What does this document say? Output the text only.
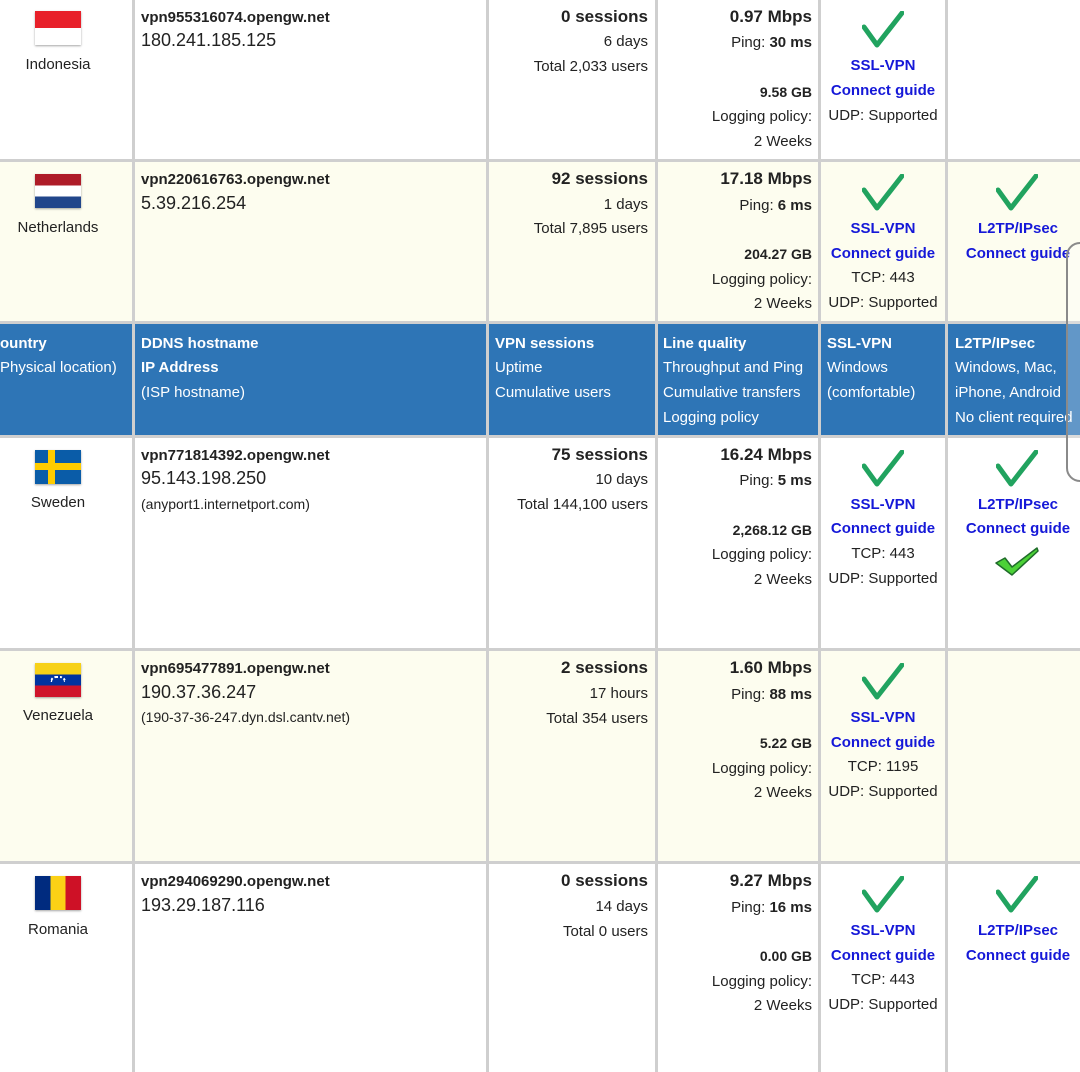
ountry
Physical location)
DDNS hostname
IP Address
(ISP hostname)
VPN sessions
Uptime
Cumulative users
Line quality
Throughput and Ping
Cumulative transfers
Logging policy
SSL-VPN
Windows
(comfortable)
L2TP/IPsec
Windows, Mac,
iPhone, Android
No client required
Indonesia
vpn955316074.opengw.net
180.241.185.125
0 sessions
6 days
Total 2,033 users
0.97 Mbps
Ping: 30 ms
9.58 GB
Logging policy:
2 Weeks
SSL-VPN
Connect guide
UDP: Supported
Netherlands
vpn220616763.opengw.net
5.39.216.254
92 sessions
1 days
Total 7,895 users
17.18 Mbps
Ping: 6 ms
204.27 GB
Logging policy:
2 Weeks
SSL-VPN
Connect guide
TCP: 443
UDP: Supported
L2TP/IPsec
Connect guide
Sweden
vpn771814392.opengw.net
95.143.198.250
(anyport1.internetport.com)
75 sessions
10 days
Total 144,100 users
16.24 Mbps
Ping: 5 ms
2,268.12 GB
Logging policy:
2 Weeks
SSL-VPN
Connect guide
TCP: 443
UDP: Supported
L2TP/IPsec
Connect guide
Venezuela
vpn695477891.opengw.net
190.37.36.247
(190-37-36-247.dyn.dsl.cantv.net)
2 sessions
17 hours
Total 354 users
1.60 Mbps
Ping: 88 ms
5.22 GB
Logging policy:
2 Weeks
SSL-VPN
Connect guide
TCP: 1195
UDP: Supported
Romania
vpn294069290.opengw.net
193.29.187.116
0 sessions
14 days
Total 0 users
9.27 Mbps
Ping: 16 ms
0.00 GB
Logging policy:
2 Weeks
SSL-VPN
Connect guide
TCP: 443
UDP: Supported
L2TP/IPsec
Connect guide
